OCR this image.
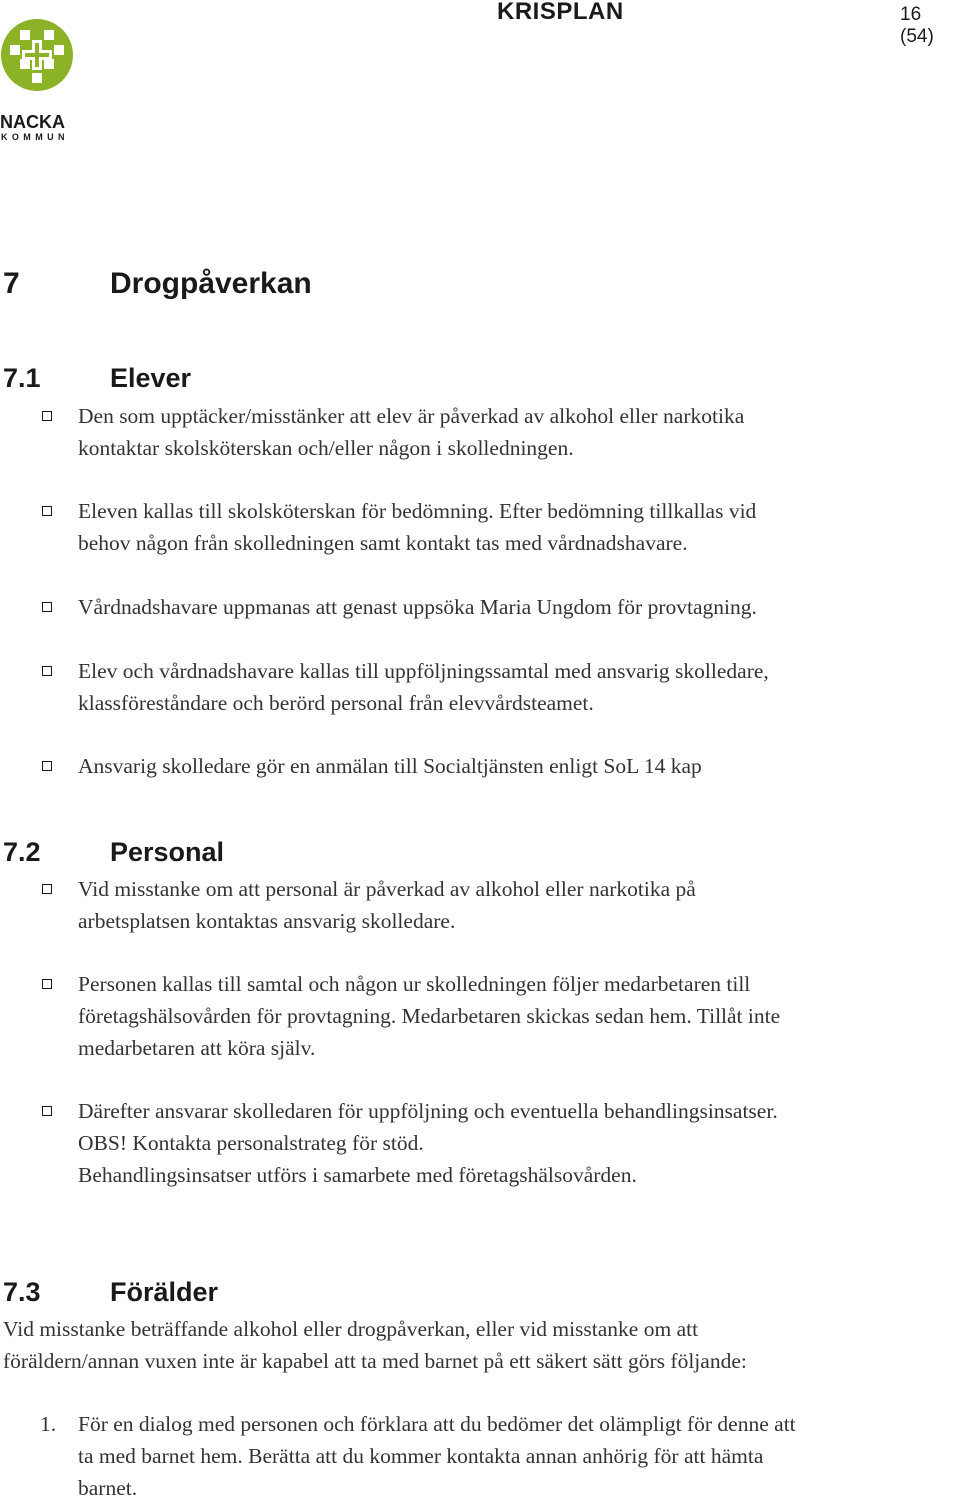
KRISPLAN	16 (54)
NACKA
KOMMUN
7	Drogpåverkan
7.1	Elever
Den som upptäcker/misstänker att elev är påverkad av alkohol eller narkotika
kontaktar skolsköterskan och/eller någon i skolledningen.
Eleven kallas till skolsköterskan för bedömning. Efter bedömning tillkallas vid
behov någon från skolledningen samt kontakt tas med vårdnadshavare.
Vårdnadshavare uppmanas att genast uppsöka Maria Ungdom för provtagning.
Elev och vårdnadshavare kallas till uppföljningssamtal med ansvarig skolledare,
klassföreståndare och berörd personal från elevvårdsteamet.
Ansvarig skolledare gör en anmälan till Socialtjänsten enligt SoL 14 kap
7.2	Personal
Vid misstanke om att personal är påverkad av alkohol eller narkotika på
arbetsplatsen kontaktas ansvarig skolledare.
Personen kallas till samtal och någon ur skolledningen följer medarbetaren till
företagshälsovården för provtagning. Medarbetaren skickas sedan hem. Tillåt inte
medarbetaren att köra själv.
Därefter ansvarar skolledaren för uppföljning och eventuella behandlingsinsatser.
OBS! Kontakta personalstrateg för stöd.
Behandlingsinsatser utförs i samarbete med företagshälsovården.
7.3	Förälder
Vid misstanke beträffande alkohol eller drogpåverkan, eller vid misstanke om att
föräldern/annan vuxen inte är kapabel att ta med barnet på ett säkert sätt görs följande:
1. För en dialog med personen och förklara att du bedömer det olämpligt för denne att
ta med barnet hem. Berätta att du kommer kontakta annan anhörig för att hämta
barnet.
